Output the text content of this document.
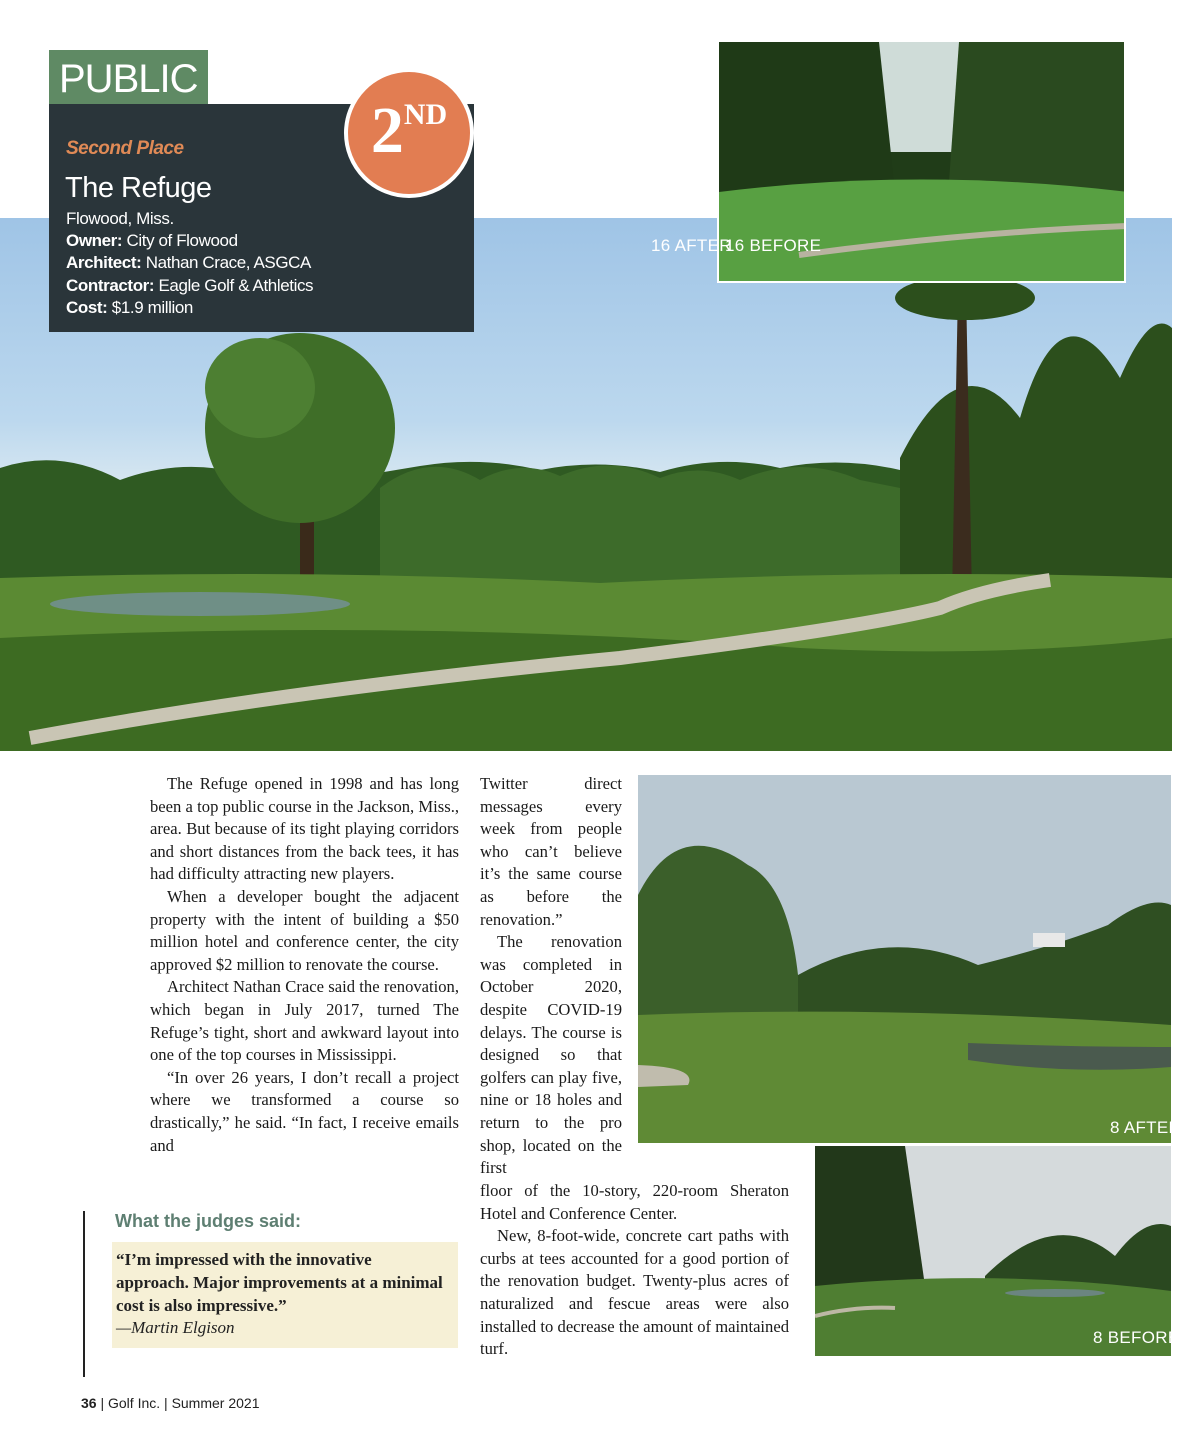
PUBLIC
Second Place
The Refuge
Flowood, Miss.
Owner: City of Flowood
Architect: Nathan Crace, ASGCA
Contractor: Eagle Golf & Athletics
Cost: $1.9 million
2ND
16 AFTER
16 BEFORE

The Refuge opened in 1998 and has long been a top public course in the Jackson, Miss., area. But because of its tight playing corridors and short distances from the back tees, it has had difficulty attracting new players.

When a developer bought the adjacent property with the intent of building a $50 million hotel and conference center, the city approved $2 million to renovate the course.

Architect Nathan Crace said the renovation, which began in July 2017, turned The Refuge’s tight, short and awkward layout into one of the top courses in Mississippi.

“In over 26 years, I don’t recall a project where we transformed a course so drastically,” he said. “In fact, I receive emails and

Twitter direct messages every week from people who can’t believe it’s the same course as before the renovation.”

The renovation was completed in October 2020, despite COVID-19 delays. The course is designed so that golfers can play five, nine or 18 holes and return to the pro shop, located on the first

floor of the 10-story, 220-room Sheraton Hotel and Conference Center.

New, 8-foot-wide, concrete cart paths with curbs at tees accounted for a good portion of the renovation budget. Twenty-plus acres of naturalized and fescue areas were also installed to decrease the amount of maintained turf.

8 AFTER
8 BEFORE
What the judges said:
“I’m impressed with the innovative approach. Major improvements at a minimal cost is also impressive.”
—Martin Elgison
36 | Golf Inc. | Summer 2021
